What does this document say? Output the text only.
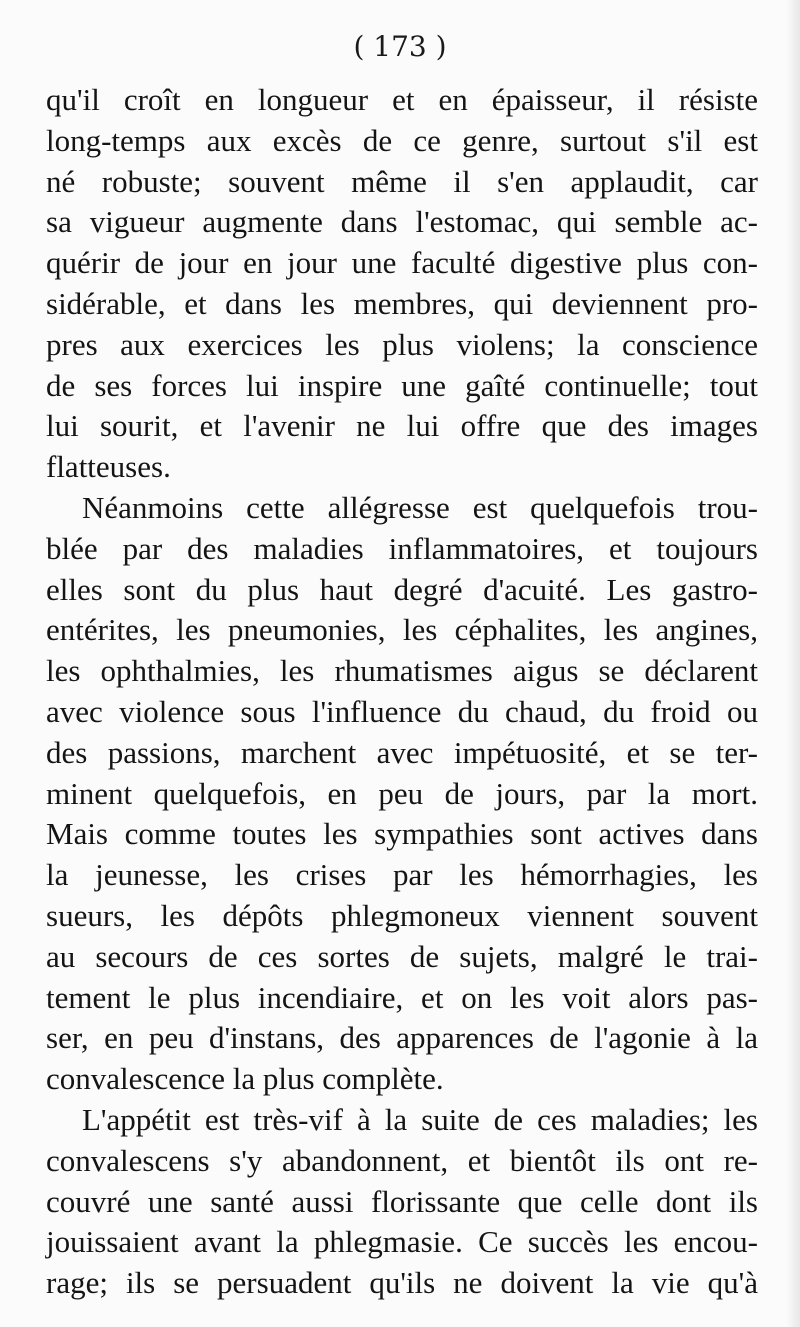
( 173 )
qu'il croît en longueur et en épaisseur, il résiste
long-temps aux excès de ce genre, surtout s'il est
né robuste; souvent même il s'en applaudit, car
sa vigueur augmente dans l'estomac, qui semble ac-
quérir de jour en jour une faculté digestive plus con-
sidérable, et dans les membres, qui deviennent pro-
pres aux exercices les plus violens; la conscience
de ses forces lui inspire une gaîté continuelle; tout
lui sourit, et l'avenir ne lui offre que des images
flatteuses.
Néanmoins cette allégresse est quelquefois trou-
blée par des maladies inflammatoires, et toujours
elles sont du plus haut degré d'acuité. Les gastro-
entérites, les pneumonies, les céphalites, les angines,
les ophthalmies, les rhumatismes aigus se déclarent
avec violence sous l'influence du chaud, du froid ou
des passions, marchent avec impétuosité, et se ter-
minent quelquefois, en peu de jours, par la mort.
Mais comme toutes les sympathies sont actives dans
la jeunesse, les crises par les hémorrhagies, les
sueurs, les dépôts phlegmoneux viennent souvent
au secours de ces sortes de sujets, malgré le trai-
tement le plus incendiaire, et on les voit alors pas-
ser, en peu d'instans, des apparences de l'agonie à la
convalescence la plus complète.
L'appétit est très-vif à la suite de ces maladies; les
convalescens s'y abandonnent, et bientôt ils ont re-
couvré une santé aussi florissante que celle dont ils
jouissaient avant la phlegmasie. Ce succès les encou-
rage; ils se persuadent qu'ils ne doivent la vie qu'à
